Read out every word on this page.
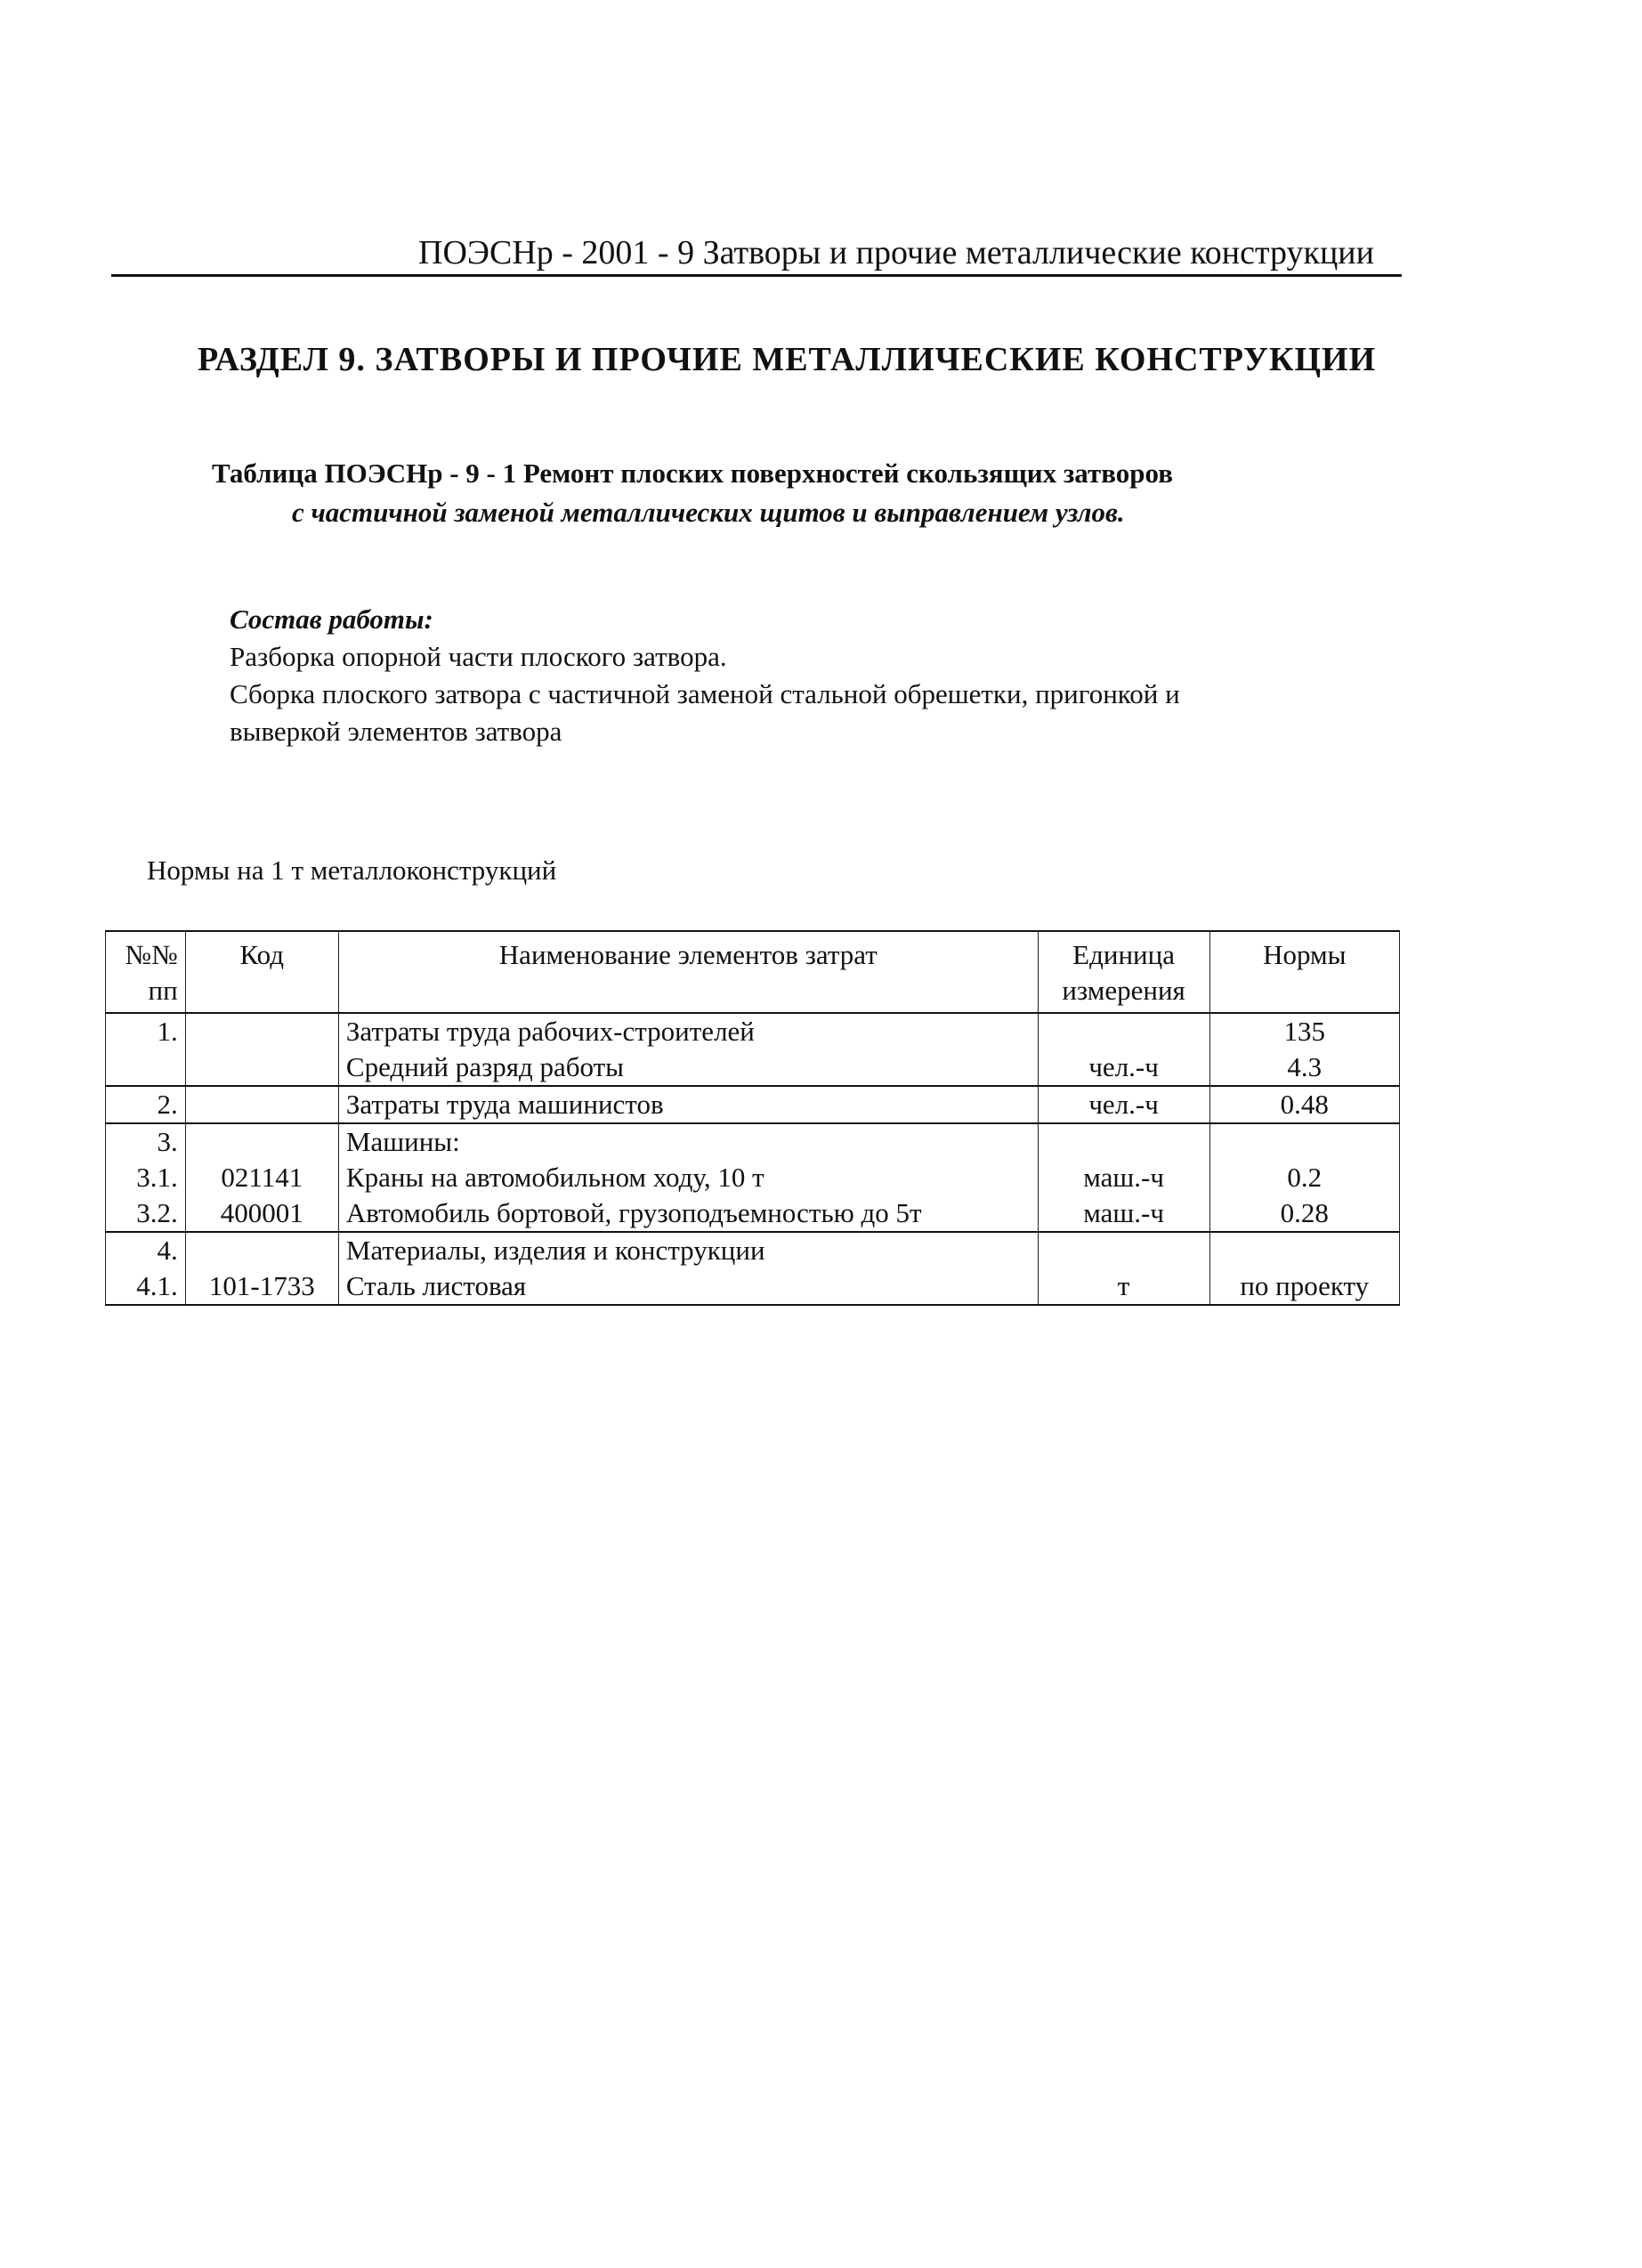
ПОЭСНр - 2001 - 9 Затворы и прочие металлические конструкции
РАЗДЕЛ 9. ЗАТВОРЫ И ПРОЧИЕ МЕТАЛЛИЧЕСКИЕ КОНСТРУКЦИИ
Таблица ПОЭСНр - 9 - 1 Ремонт плоских поверхностей скользящих затворов
с частичной заменой металлических щитов и выправлением узлов.
Состав работы:
Разборка опорной части плоского затвора.
Сборка плоского затвора с частичной заменой стальной обрешетки, пригонкой и
выверкой элементов затвора
Нормы на 1 т металлоконструкций
№№ пп	Код	Наименование элементов затрат	Единица измерения	Нормы
1.		Затраты труда рабочих-строителей		135
		Средний разряд работы	чел.-ч	4.3
2.		Затраты труда машинистов	чел.-ч	0.48
3.		Машины:		
3.1.	021141	Краны на автомобильном ходу, 10 т	маш.-ч	0.2
3.2.	400001	Автомобиль бортовой, грузоподъемностью до 5т	маш.-ч	0.28
4.		Материалы, изделия и конструкции		
4.1.	101-1733	Сталь листовая	т	по проекту
